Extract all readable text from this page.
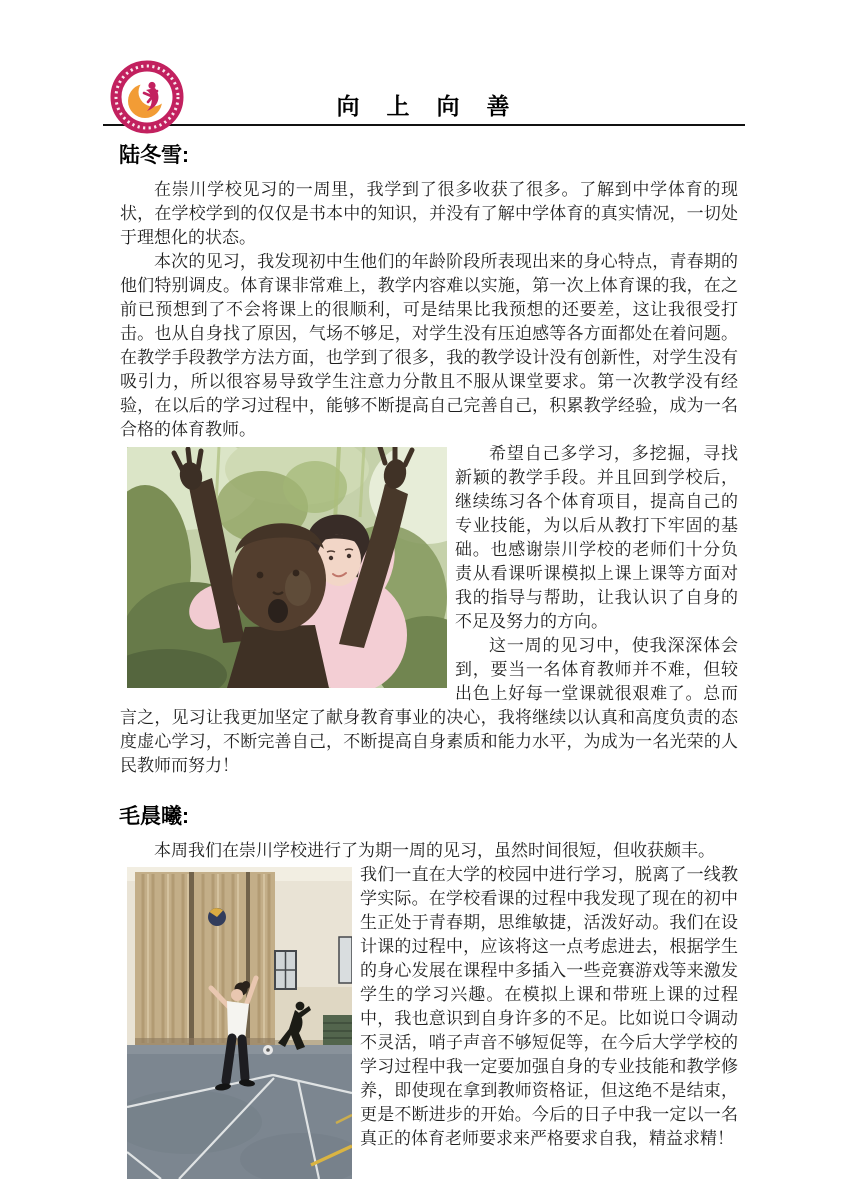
向　上　向　善
陆冬雪:

在崇川学校见习的一周里，我学到了很多收获了很多。了解到中学体育的现状，在学校学到的仅仅是书本中的知识，并没有了解中学体育的真实情况，一切处于理想化的状态。

本次的见习，我发现初中生他们的年龄阶段所表现出来的身心特点，青春期的他们特别调皮。体育课非常难上，教学内容难以实施，第一次上体育课的我，在之前已预想到了不会将课上的很顺利，可是结果比我预想的还要差，这让我很受打击。也从自身找了原因，气场不够足，对学生没有压迫感等各方面都处在着问题。在教学手段教学方法方面，也学到了很多，我的教学设计没有创新性，对学生没有吸引力，所以很容易导致学生注意力分散且不服从课堂要求。第一次教学没有经验，在以后的学习过程中，能够不断提高自己完善自己，积累教学经验，成为一名合格的体育教师。

希望自己多学习，多挖掘，寻找新颖的教学手段。并且回到学校后，继续练习各个体育项目，提高自己的专业技能，为以后从教打下牢固的基础。也感谢崇川学校的老师们十分负责从看课听课模拟上课上课等方面对我的指导与帮助，让我认识了自身的不足及努力的方向。

这一周的见习中，使我深深体会到，要当一名体育教师并不难，但较出色上好每一堂课就很艰难了。总而言之，见习让我更加坚定了献身教育事业的决心，我将继续以认真和高度负责的态度虚心学习，不断完善自己，不断提高自身素质和能力水平，为成为一名光荣的人民教师而努力！

毛晨曦:

本周我们在崇川学校进行了为期一周的见习，虽然时间很短，但收获颇丰。

我们一直在大学的校园中进行学习，脱离了一线教学实际。在学校看课的过程中我发现了现在的初中生正处于青春期，思维敏捷，活泼好动。我们在设计课的过程中，应该将这一点考虑进去，根据学生的身心发展在课程中多插入一些竞赛游戏等来激发学生的学习兴趣。在模拟上课和带班上课的过程中，我也意识到自身许多的不足。比如说口令调动不灵活，哨子声音不够短促等，在今后大学学校的学习过程中我一定要加强自身的专业技能和教学修养，即使现在拿到教师资格证，但这绝不是结束，更是不断进步的开始。今后的日子中我一定以一名真正的体育老师要求来严格要求自我，精益求精！
